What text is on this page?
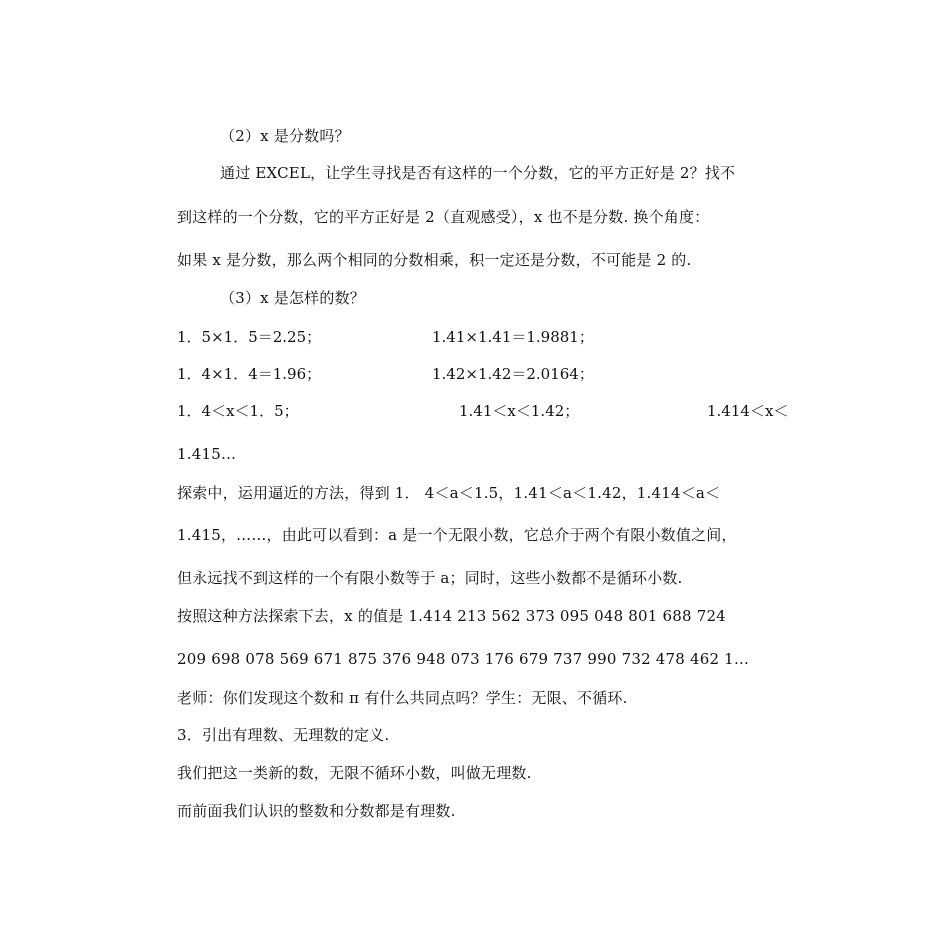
（2）x 是分数吗？
通过 EXCEL，让学生寻找是否有这样的一个分数，它的平方正好是 2？找不
到这样的一个分数，它的平方正好是 2（直观感受），x 也不是分数. 换个角度：
如果 x 是分数，那么两个相同的分数相乘，积一定还是分数，不可能是 2 的.
（3）x 是怎样的数？
1．5×1．5＝2.25；	1.41×1.41＝1.9881；
1．4×1．4＝1.96；	1.42×1.42＝2.0164；
1．4＜x＜1．5；	1.41＜x＜1.42；	1.414＜x＜
1.415…
探索中，运用逼近的方法，得到 1． 4＜a＜1.5，1.41＜a＜1.42，1.414＜a＜
1.415，……，由此可以看到：a 是一个无限小数，它总介于两个有限小数值之间，
但永远找不到这样的一个有限小数等于 a；同时，这些小数都不是循环小数.
按照这种方法探索下去，x 的值是 1.414 213 562 373 095 048 801 688 724
209 698 078 569 671 875 376 948 073 176 679 737 990 732 478 462 1…
老师：你们发现这个数和 π 有什么共同点吗？学生：无限、不循环.
3．引出有理数、无理数的定义.
我们把这一类新的数，无限不循环小数，叫做无理数.
而前面我们认识的整数和分数都是有理数.
